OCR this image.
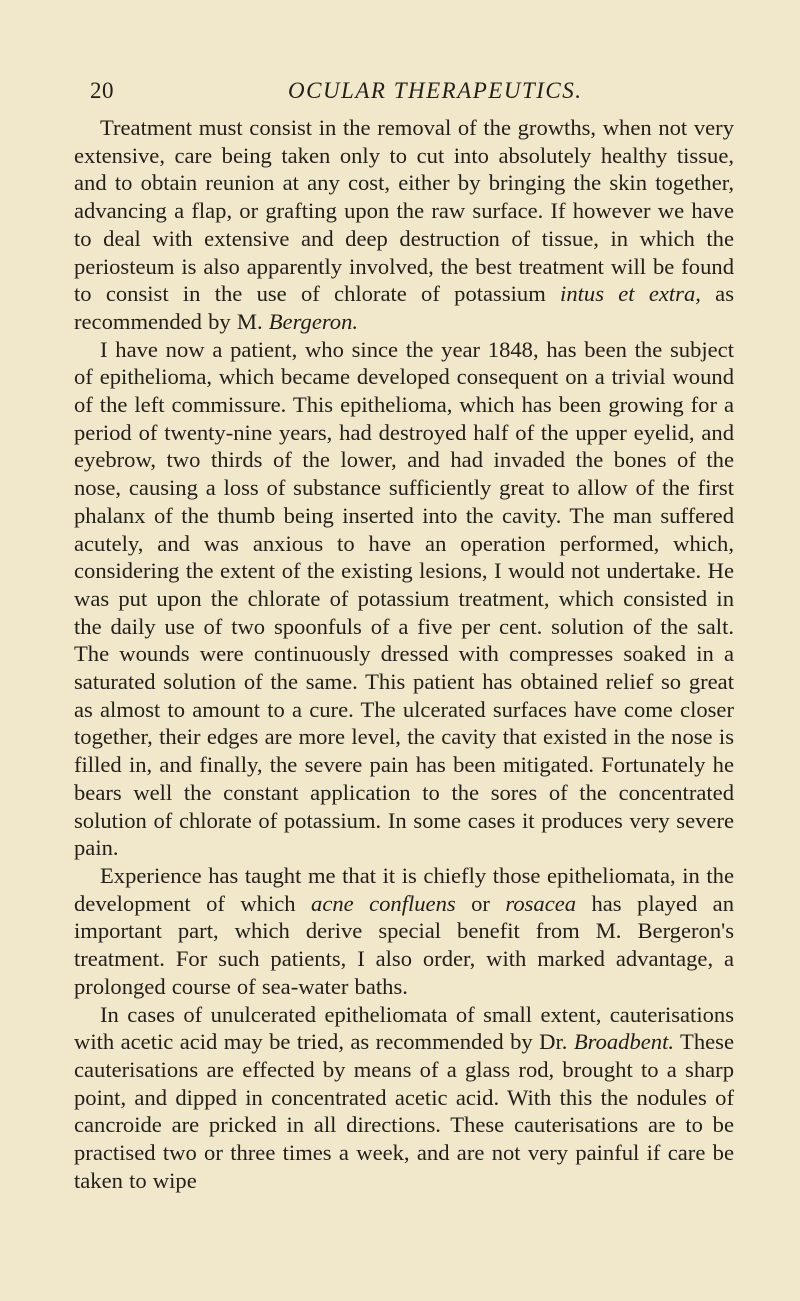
20	OCULAR THERAPEUTICS.

Treatment must consist in the removal of the growths, when not very extensive, care being taken only to cut into absolutely healthy tissue, and to obtain reunion at any cost, either by bringing the skin together, advancing a flap, or grafting upon the raw surface. If however we have to deal with extensive and deep destruction of tissue, in which the periosteum is also apparently involved, the best treatment will be found to consist in the use of chlorate of potassium intus et extra, as recommended by M. Bergeron.

I have now a patient, who since the year 1848, has been the subject of epithelioma, which became developed consequent on a trivial wound of the left commissure. This epithelioma, which has been growing for a period of twenty-nine years, had destroyed half of the upper eyelid, and eyebrow, two thirds of the lower, and had invaded the bones of the nose, causing a loss of substance sufficiently great to allow of the first phalanx of the thumb being inserted into the cavity. The man suffered acutely, and was anxious to have an operation performed, which, considering the extent of the existing lesions, I would not undertake. He was put upon the chlorate of potassium treatment, which consisted in the daily use of two spoonfuls of a five per cent. solution of the salt. The wounds were continuously dressed with compresses soaked in a saturated solution of the same. This patient has obtained relief so great as almost to amount to a cure. The ulcerated surfaces have come closer together, their edges are more level, the cavity that existed in the nose is filled in, and finally, the severe pain has been mitigated. Fortunately he bears well the constant application to the sores of the concentrated solution of chlorate of potassium. In some cases it produces very severe pain.

Experience has taught me that it is chiefly those epitheliomata, in the development of which acne confluens or rosacea has played an important part, which derive special benefit from M. Bergeron's treatment. For such patients, I also order, with marked advantage, a prolonged course of sea-water baths.

In cases of unulcerated epitheliomata of small extent, cauterisations with acetic acid may be tried, as recommended by Dr. Broadbent. These cauterisations are effected by means of a glass rod, brought to a sharp point, and dipped in concentrated acetic acid. With this the nodules of cancroide are pricked in all directions. These cauterisations are to be practised two or three times a week, and are not very painful if care be taken to wipe
